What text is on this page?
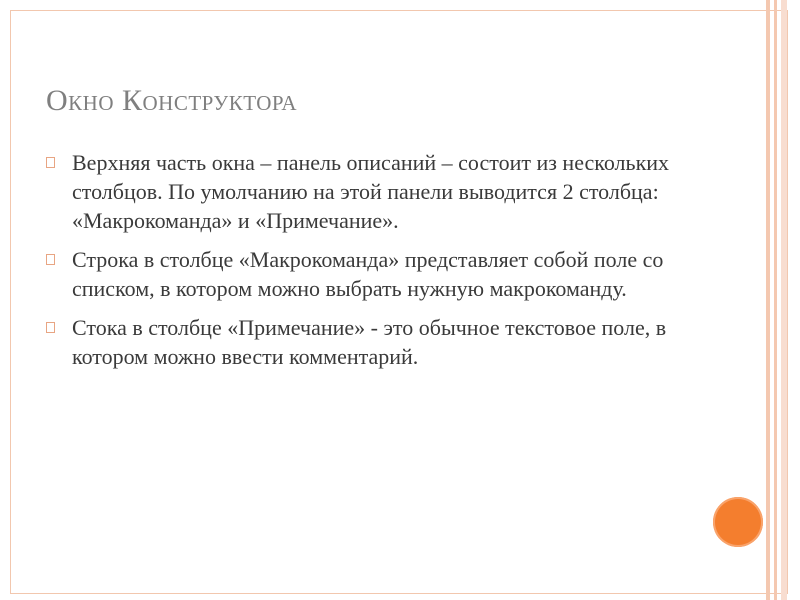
Окно Конструктора
Верхняя часть окна – панель описаний – состоит из нескольких столбцов. По умолчанию на этой панели выводится 2 столбца: «Макрокоманда» и «Примечание».
Строка в столбце «Макрокоманда» представляет собой поле со списком, в котором можно выбрать нужную макрокоманду.
Стока в столбце «Примечание» - это обычное текстовое поле, в котором можно ввести комментарий.
